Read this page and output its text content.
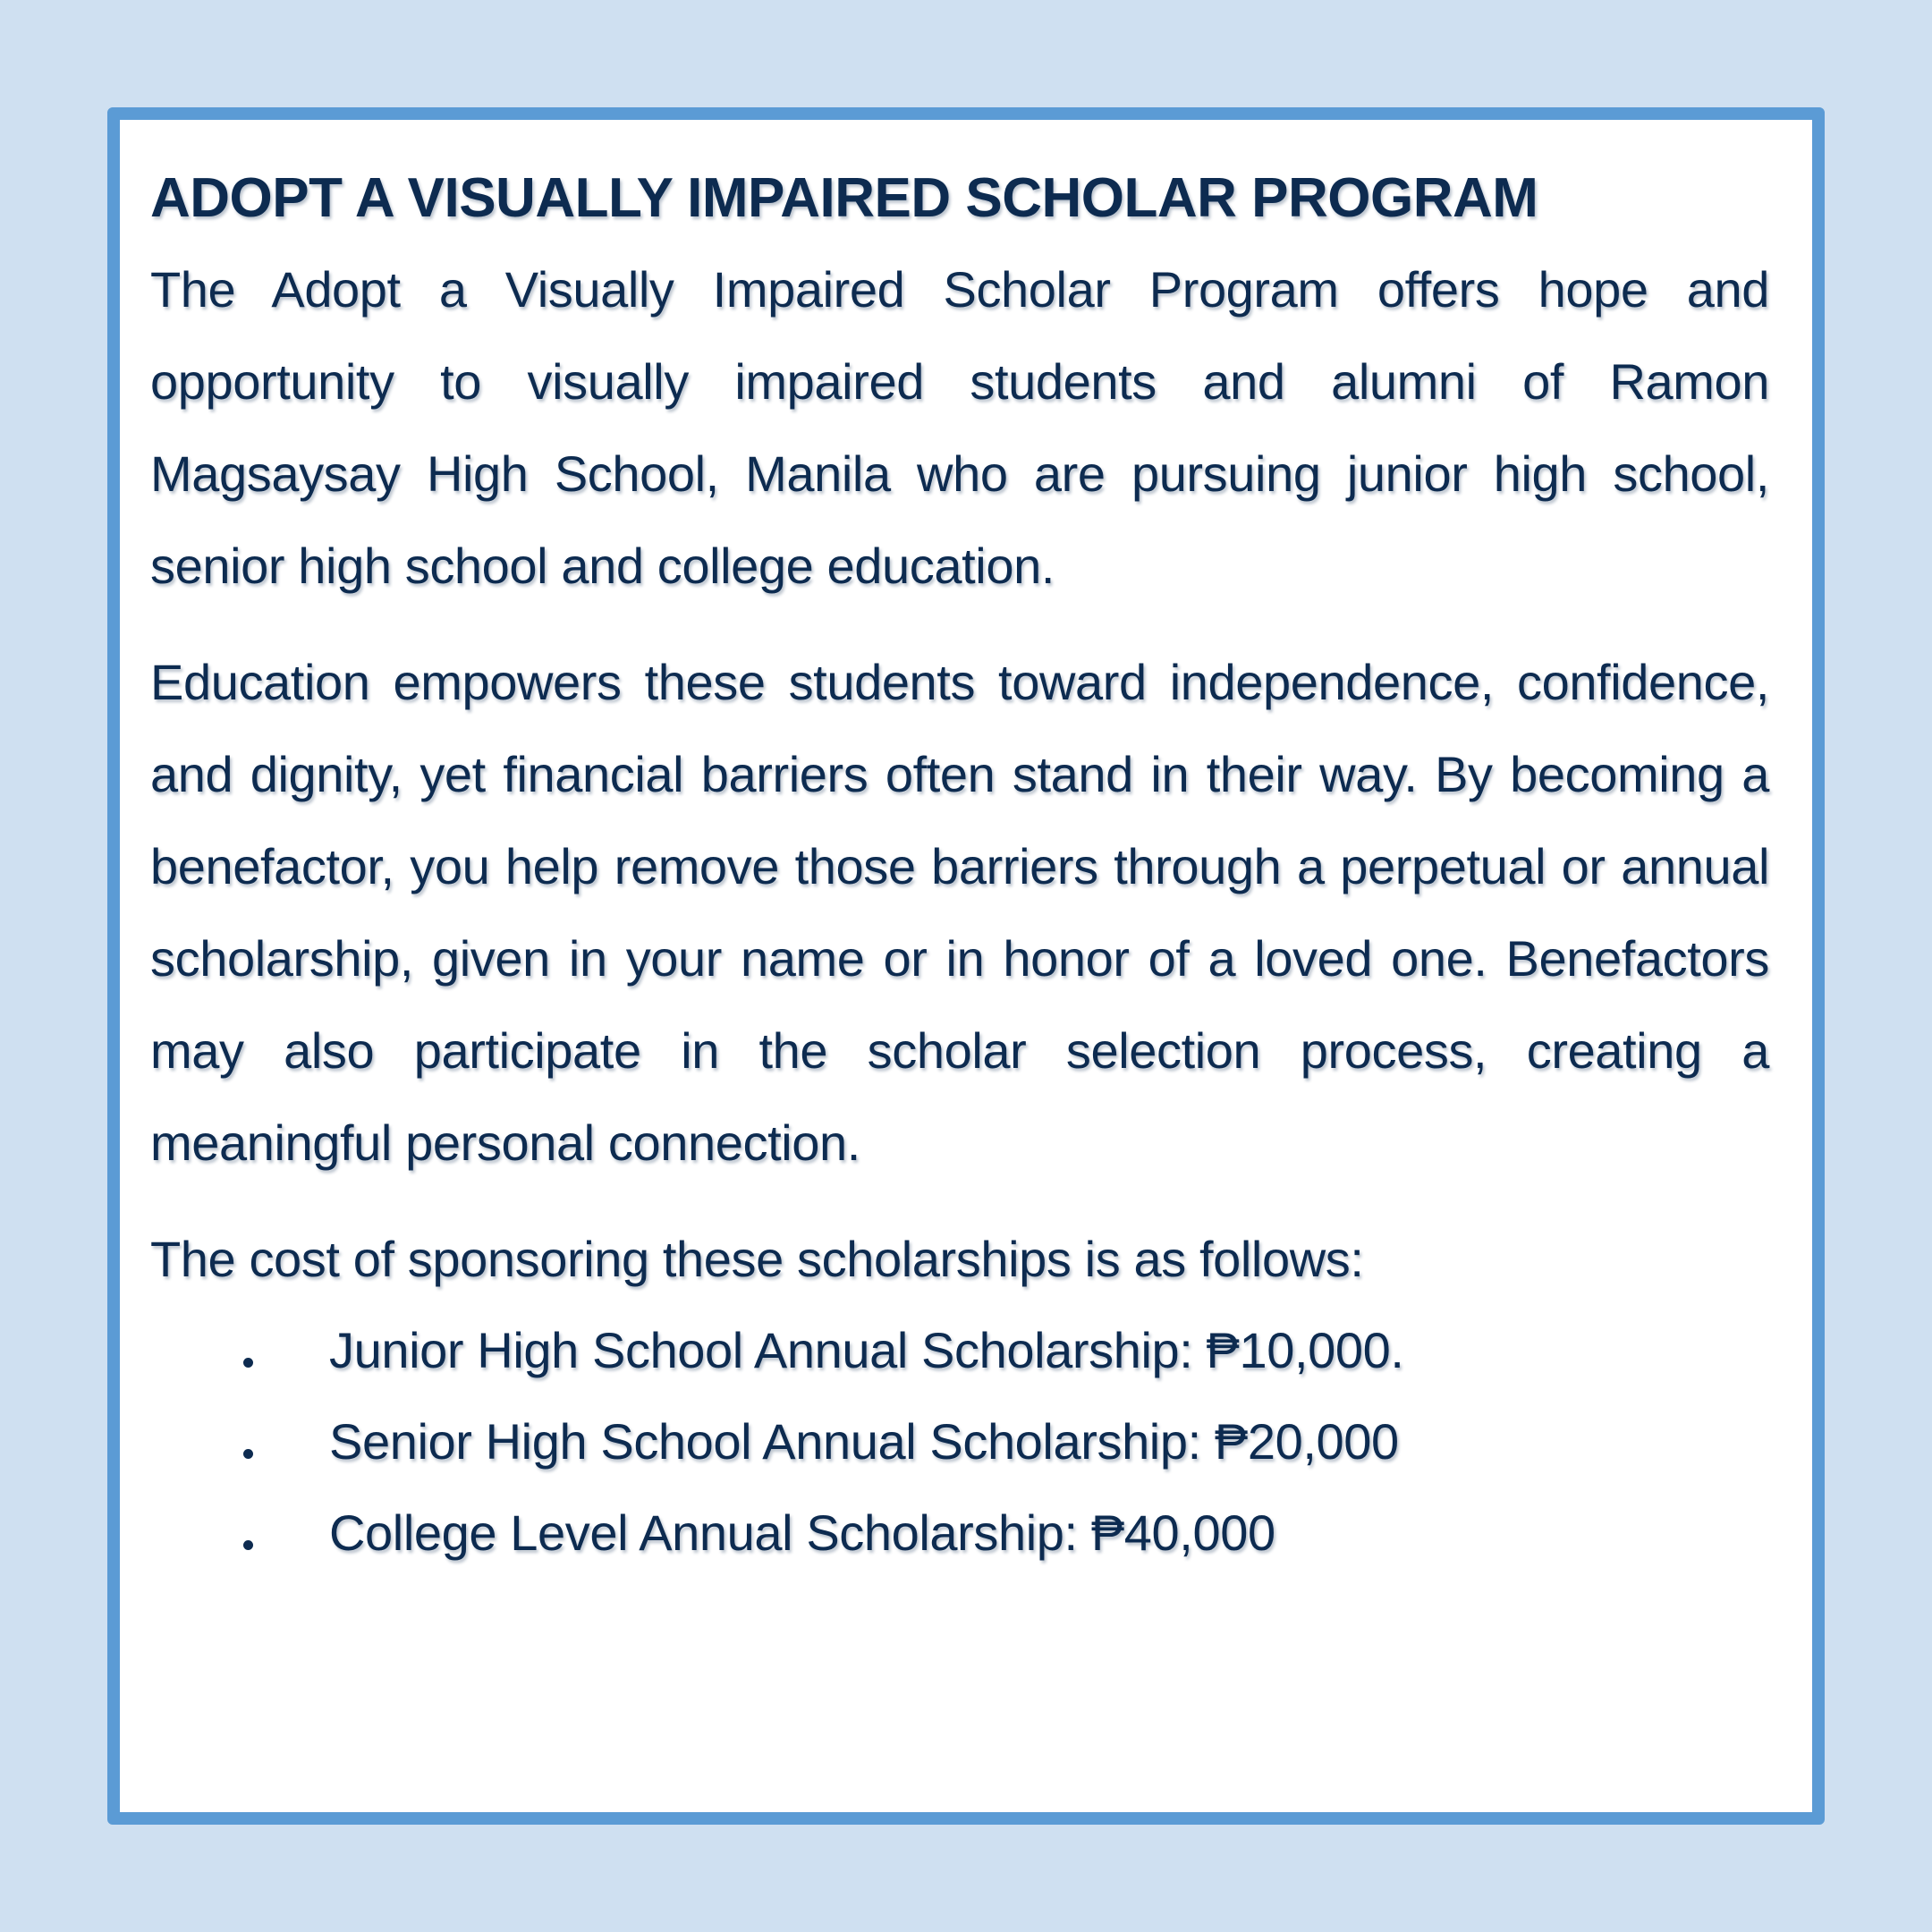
ADOPT A VISUALLY IMPAIRED SCHOLAR PROGRAM

The Adopt a Visually Impaired Scholar Program offers hope and opportunity to visually impaired students and alumni of Ramon Magsaysay High School, Manila who are pursuing junior high school, senior high school and college education.

Education empowers these students toward independence, confidence, and dignity, yet financial barriers often stand in their way. By becoming a benefactor, you help remove those barriers through a perpetual or annual scholarship, given in your name or in honor of a loved one. Benefactors may also participate in the scholar selection process, creating a meaningful personal connection.

The cost of sponsoring these scholarships is as follows:

Junior High School Annual Scholarship: ₱10,000.
Senior High School Annual Scholarship: ₱20,000
College Level Annual Scholarship: ₱40,000
